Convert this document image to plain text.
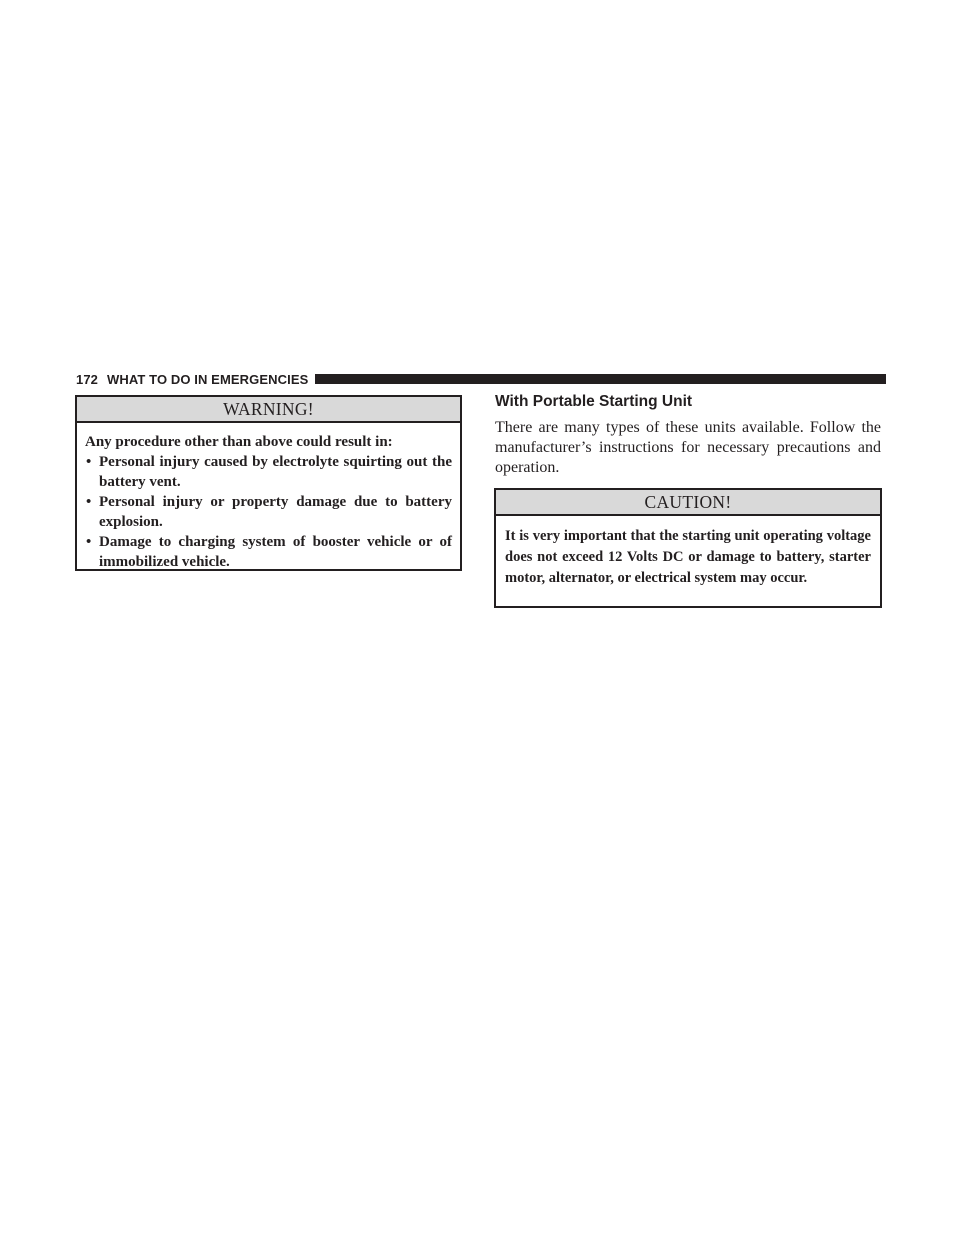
172 WHAT TO DO IN EMERGENCIES
WARNING!

Any procedure other than above could result in:

• Personal injury caused by electrolyte squirting out the battery vent.
• Personal injury or property damage due to battery explosion.
• Damage to charging system of booster vehicle or of immobilized vehicle.
With Portable Starting Unit

There are many types of these units available. Follow the manufacturer’s instructions for necessary precautions and operation.

CAUTION!
It is very important that the starting unit operating voltage does not exceed 12 Volts DC or damage to battery, starter motor, alternator, or electrical system may occur.
